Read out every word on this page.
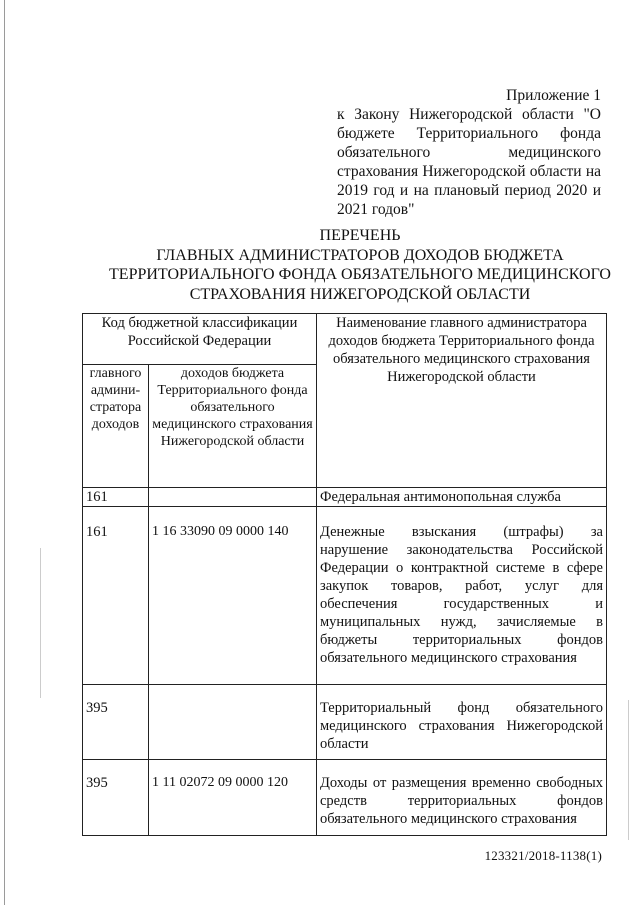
Приложение 1
к Закону Нижегородской области "О бюджете Территориального фонда обязательного медицинского страхования Нижегородской области на 2019 год и на плановый период 2020 и 2021 годов"
ПЕРЕЧЕНЬ
ГЛАВНЫХ АДМИНИСТРАТОРОВ ДОХОДОВ БЮДЖЕТА
ТЕРРИТОРИАЛЬНОГО ФОНДА ОБЯЗАТЕЛЬНОГО МЕДИЦИНСКОГО
СТРАХОВАНИЯ НИЖЕГОРОДСКОЙ ОБЛАСТИ
Код бюджетной классификации Российской Федерации		Наименование главного администратора доходов бюджета Территориального фонда обязательного медицинского страхования Нижегородской области
главного админи-стратора доходов	доходов бюджета Территориального фонда обязательного медицинского страхования Нижегородской области	
161		Федеральная антимонопольная служба
161	1 16 33090 09 0000 140	Денежные взыскания (штрафы) за нарушение законодательства Российской Федерации о контрактной системе в сфере закупок товаров, работ, услуг для обеспечения государственных и муниципальных нужд, зачисляемые в бюджеты территориальных фондов обязательного медицинского страхования
395		Территориальный фонд обязательного медицинского страхования Нижегородской области
395	1 11 02072 09 0000 120	Доходы от размещения временно свободных средств территориальных фондов обязательного медицинского страхования
123321/2018-1138(1)
